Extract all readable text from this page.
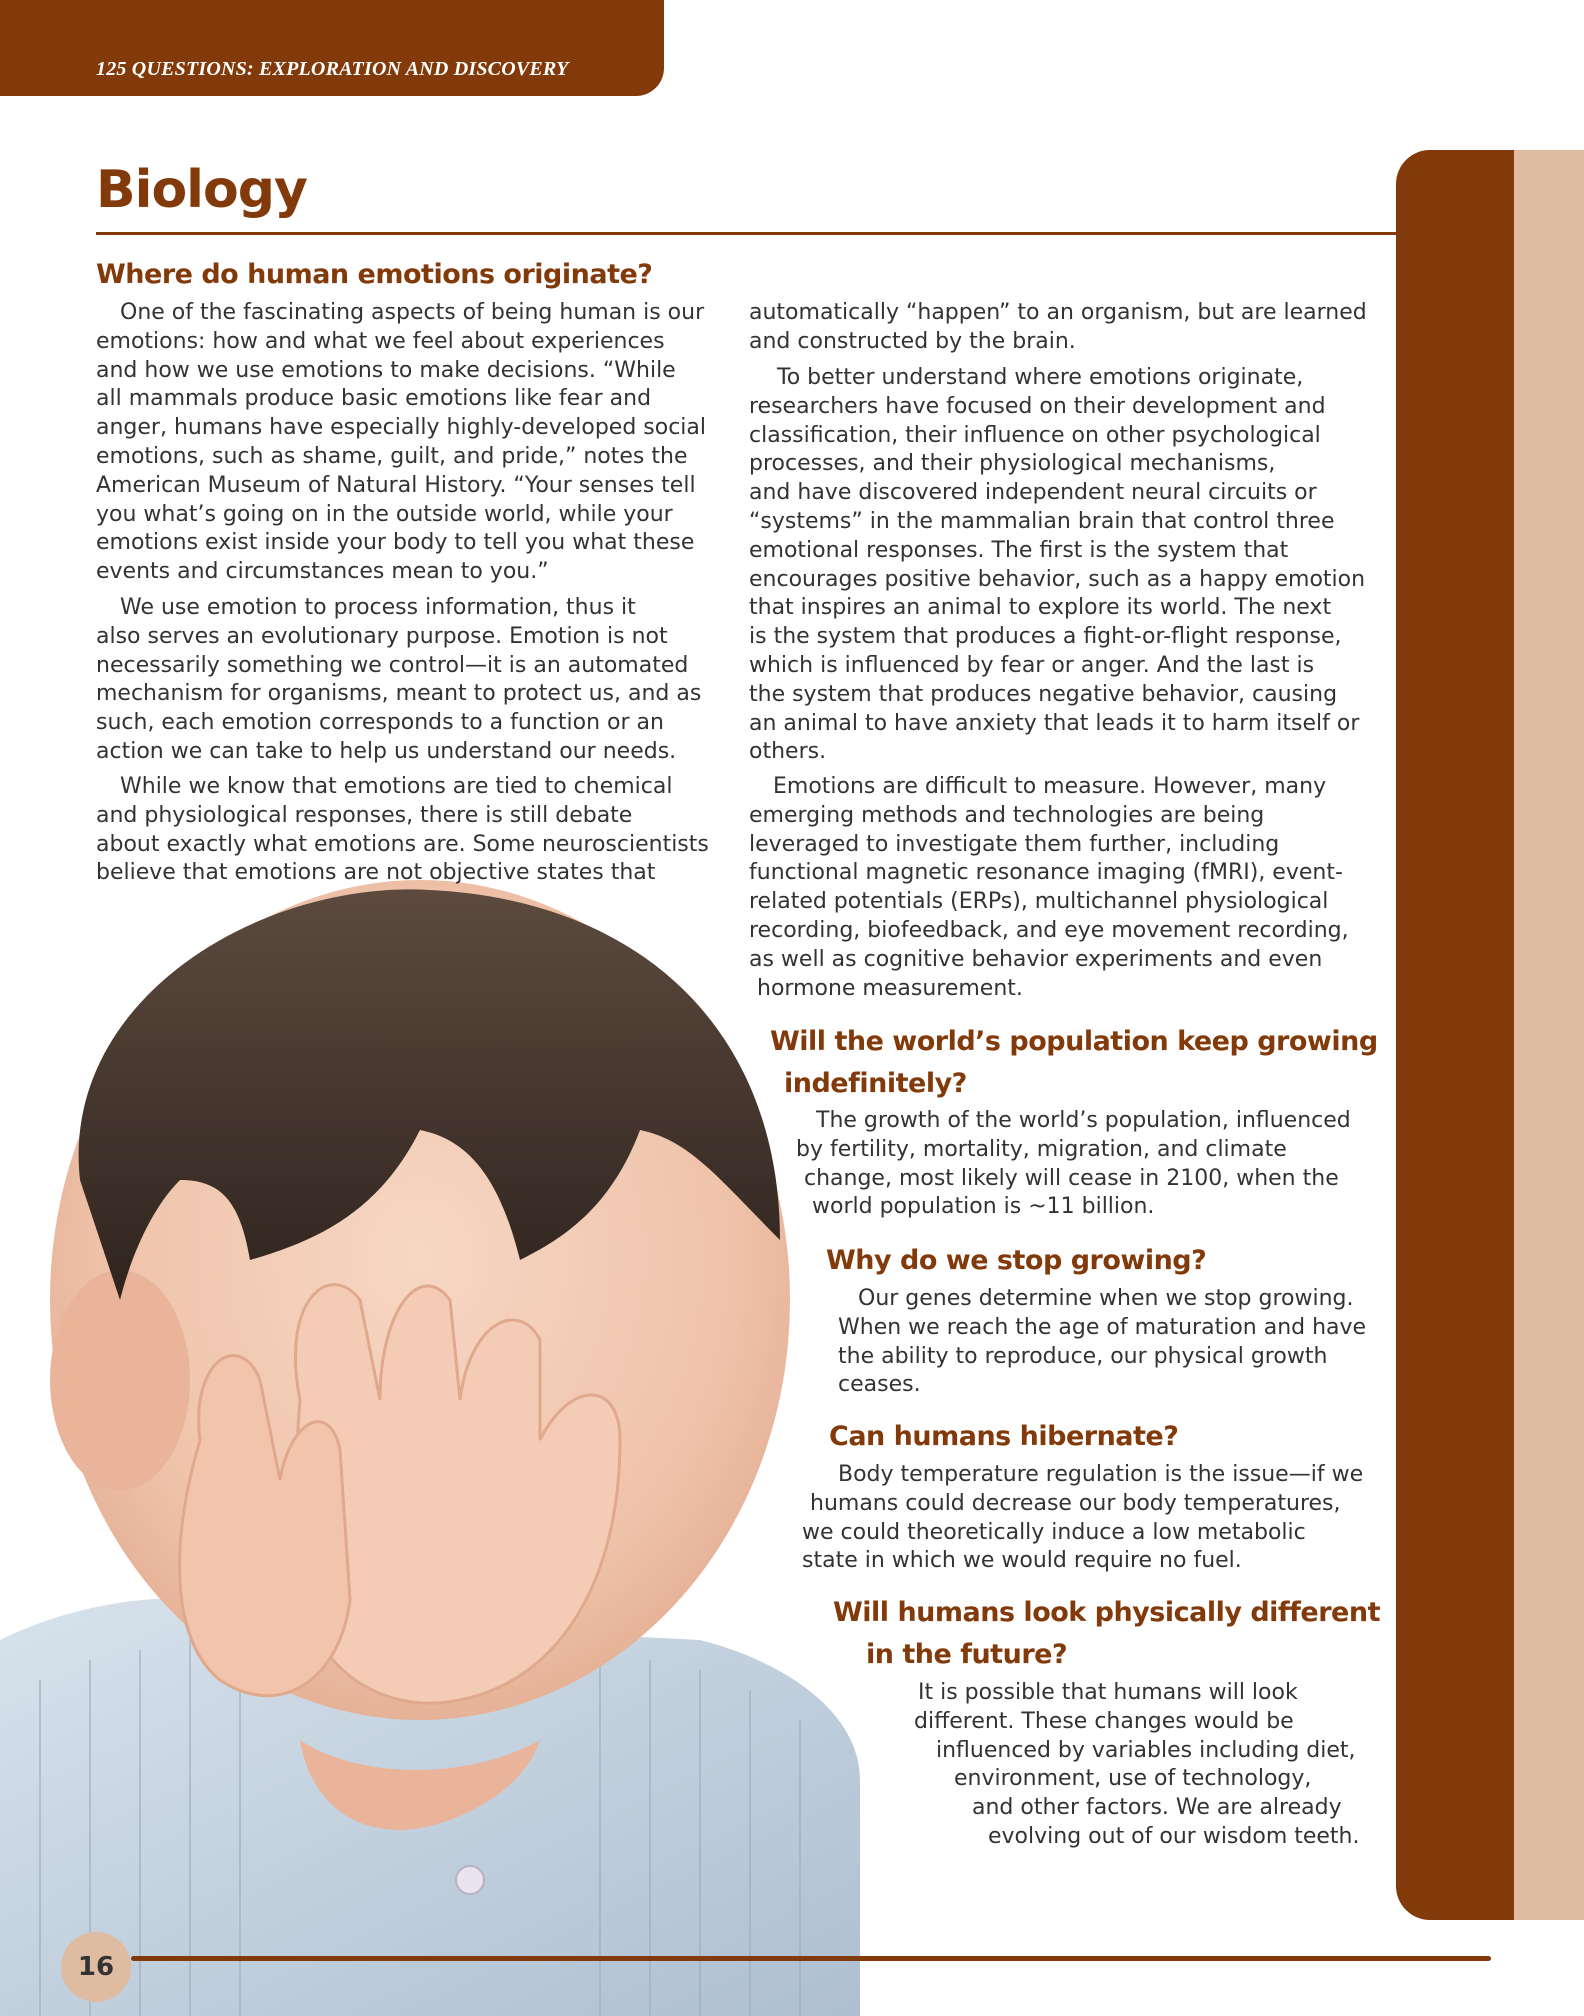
125 QUESTIONS: EXPLORATION AND DISCOVERY
Biology
Where do human emotions originate?
One of the fascinating aspects of being human is our
emotions: how and what we feel about experiences
and how we use emotions to make decisions. “While
all mammals produce basic emotions like fear and
anger, humans have especially highly-developed social
emotions, such as shame, guilt, and pride,” notes the
American Museum of Natural History. “Your senses tell
you what’s going on in the outside world, while your
emotions exist inside your body to tell you what these
events and circumstances mean to you.”
We use emotion to process information, thus it
also serves an evolutionary purpose. Emotion is not
necessarily something we control—it is an automated
mechanism for organisms, meant to protect us, and as
such, each emotion corresponds to a function or an
action we can take to help us understand our needs.
While we know that emotions are tied to chemical
and physiological responses, there is still debate
about exactly what emotions are. Some neuroscientists
believe that emotions are not objective states that
automatically “happen” to an organism, but are learned
and constructed by the brain.
To better understand where emotions originate,
researchers have focused on their development and
classification, their influence on other psychological
processes, and their physiological mechanisms,
and have discovered independent neural circuits or
“systems” in the mammalian brain that control three
emotional responses. The first is the system that
encourages positive behavior, such as a happy emotion
that inspires an animal to explore its world. The next
is the system that produces a fight-or-flight response,
which is influenced by fear or anger. And the last is
the system that produces negative behavior, causing
an animal to have anxiety that leads it to harm itself or
others.
Emotions are difficult to measure. However, many
emerging methods and technologies are being
leveraged to investigate them further, including
functional magnetic resonance imaging (fMRI), event-
related potentials (ERPs), multichannel physiological
recording, biofeedback, and eye movement recording,
as well as cognitive behavior experiments and even
hormone measurement.
Will the world’s population keep growing
indefinitely?
The growth of the world’s population, influenced
by fertility, mortality, migration, and climate
change, most likely will cease in 2100, when the
world population is ~11 billion.
Why do we stop growing?
Our genes determine when we stop growing.
When we reach the age of maturation and have
the ability to reproduce, our physical growth
ceases.
Can humans hibernate?
Body temperature regulation is the issue—if we
humans could decrease our body temperatures,
we could theoretically induce a low metabolic
state in which we would require no fuel.
Will humans look physically different
in the future?
It is possible that humans will look
different. These changes would be
influenced by variables including diet,
environment, use of technology,
and other factors. We are already
evolving out of our wisdom teeth.
16
